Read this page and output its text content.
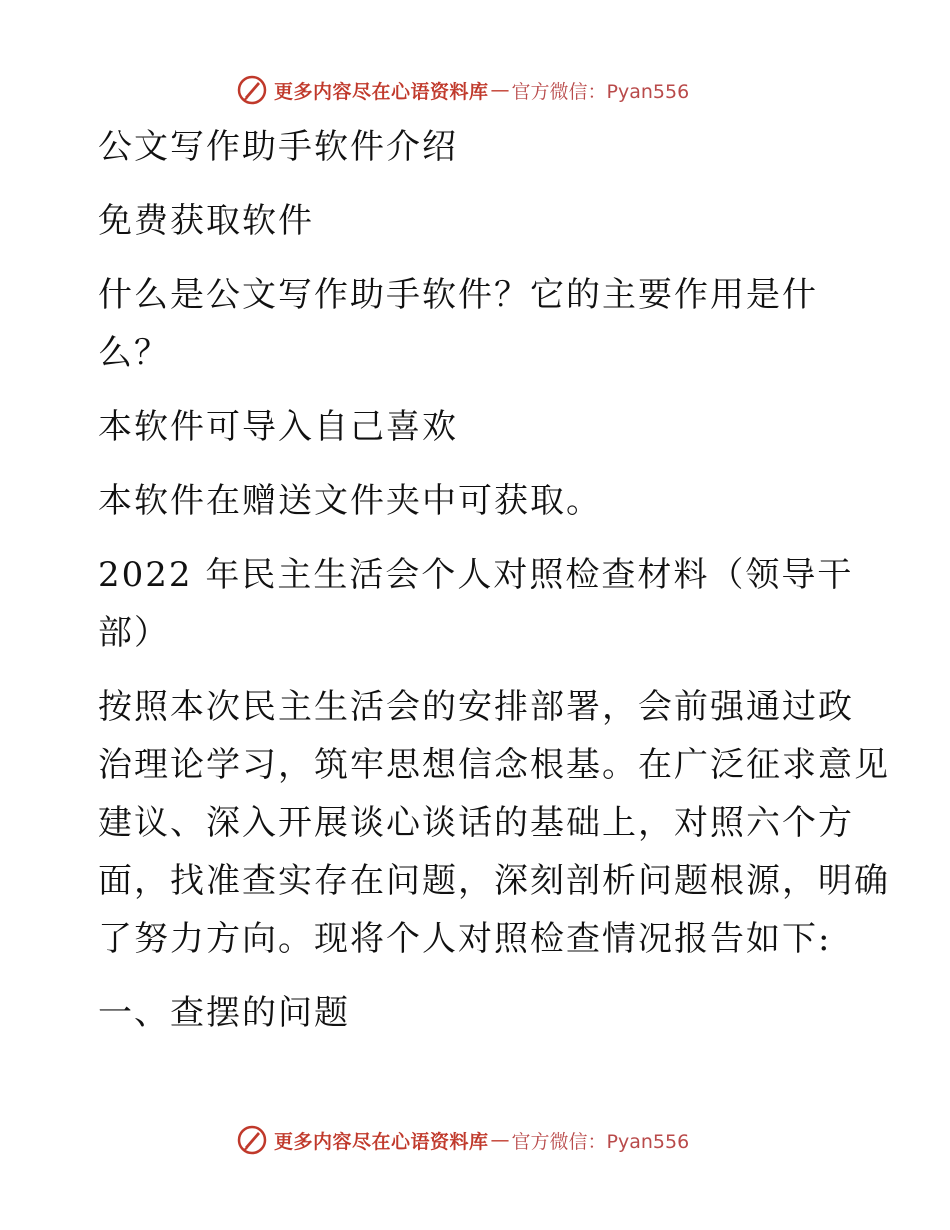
更多内容尽在心语资料库 — 官方微信：Pyan556

公文写作助手软件介绍

免费获取软件

什么是公文写作助手软件？它的主要作用是什

么？

本软件可导入自己喜欢

本软件在赠送文件夹中可获取。

2022 年民主生活会个人对照检查材料（领导干

部）

按照本次民主生活会的安排部署，会前强通过政

治理论学习，筑牢思想信念根基。在广泛征求意见

建议、深入开展谈心谈话的基础上，对照六个方

面，找准查实存在问题，深刻剖析问题根源，明确

了努力方向。现将个人对照检查情况报告如下:

一、查摆的问题

更多内容尽在心语资料库 — 官方微信：Pyan556
